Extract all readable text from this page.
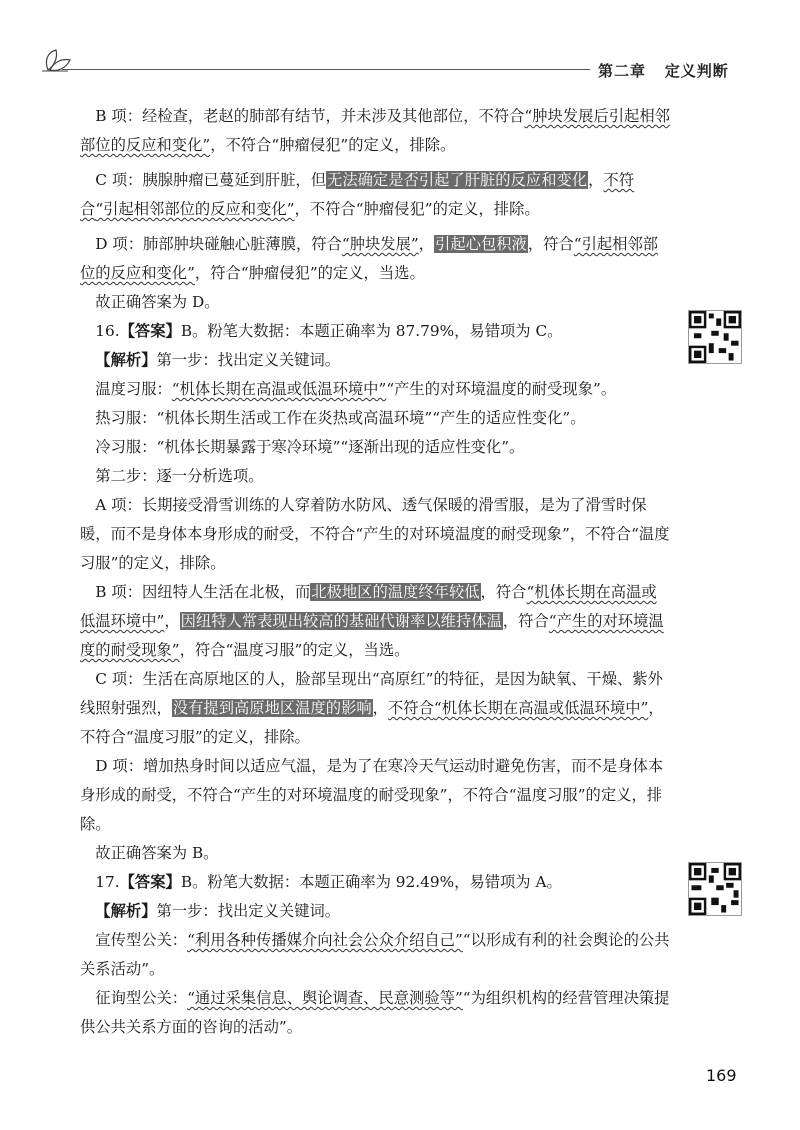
第二章 定义判断

 B 项：经检查，老赵的肺部有结节，并未涉及其他部位，不符合“肿块发展后引起相邻部位的反应和变化”，不符合“肿瘤侵犯”的定义，排除。

 C 项：胰腺肿瘤已蔓延到肝脏，但无法确定是否引起了肝脏的反应和变化，不符合“引起相邻部位的反应和变化”，不符合“肿瘤侵犯”的定义，排除。

 D 项：肺部肿块碰触心脏薄膜，符合“肿块发展”，引起心包积液，符合“引起相邻部位的反应和变化”，符合“肿瘤侵犯”的定义，当选。

 故正确答案为 D。

 16.【答案】B。粉笔大数据：本题正确率为 87.79%，易错项为 C。

 【解析】第一步：找出定义关键词。

 温度习服：“机体长期在高温或低温环境中”“产生的对环境温度的耐受现象”。

 热习服：“机体长期生活或工作在炎热或高温环境”“产生的适应性变化”。

 冷习服：“机体长期暴露于寒冷环境”“逐渐出现的适应性变化”。

 第二步：逐一分析选项。

 A 项：长期接受滑雪训练的人穿着防水防风、透气保暖的滑雪服，是为了滑雪时保暖，而不是身体本身形成的耐受，不符合“产生的对环境温度的耐受现象”，不符合“温度习服”的定义，排除。

 B 项：因纽特人生活在北极，而北极地区的温度终年较低，符合“机体长期在高温或低温环境中”，因纽特人常表现出较高的基础代谢率以维持体温，符合“产生的对环境温度的耐受现象”，符合“温度习服”的定义，当选。

 C 项：生活在高原地区的人，脸部呈现出“高原红”的特征，是因为缺氧、干燥、紫外线照射强烈，没有提到高原地区温度的影响，不符合“机体长期在高温或低温环境中”，不符合“温度习服”的定义，排除。

 D 项：增加热身时间以适应气温，是为了在寒冷天气运动时避免伤害，而不是身体本身形成的耐受，不符合“产生的对环境温度的耐受现象”，不符合“温度习服”的定义，排除。

 故正确答案为 B。

 17.【答案】B。粉笔大数据：本题正确率为 92.49%，易错项为 A。

 【解析】第一步：找出定义关键词。

 宣传型公关：“利用各种传播媒介向社会公众介绍自己”“以形成有利的社会舆论的公共关系活动”。

 征询型公关：“通过采集信息、舆论调查、民意测验等”“为组织机构的经营管理决策提供公共关系方面的咨询的活动”。

169
